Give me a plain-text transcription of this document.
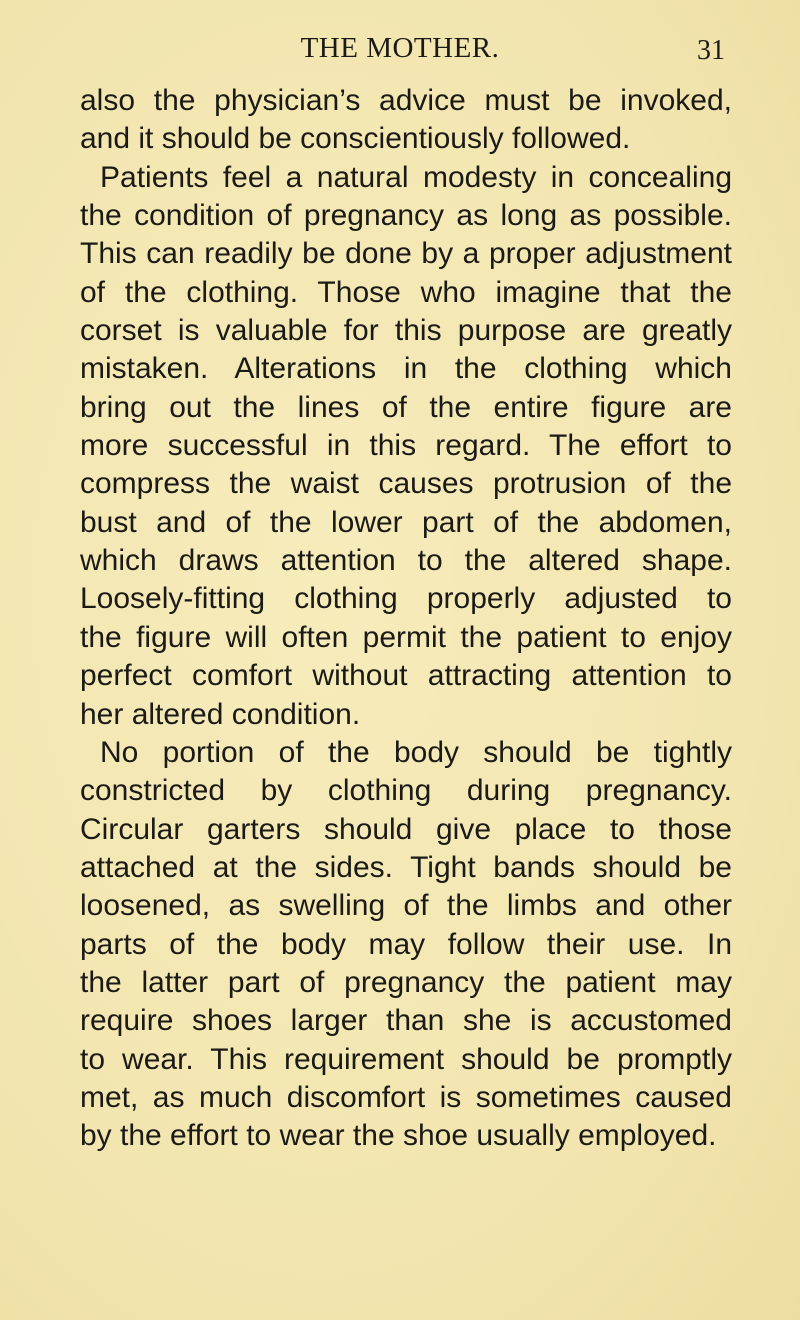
THE MOTHER.	31
also the physician’s advice must be invoked,
and it should be conscientiously followed.
Patients feel a natural modesty in concealing
the condition of pregnancy as long as possible.
This can readily be done by a proper adjustment
of the clothing. Those who imagine that the
corset is valuable for this purpose are greatly
mistaken. Alterations in the clothing which
bring out the lines of the entire figure are
more successful in this regard. The effort to
compress the waist causes protrusion of the
bust and of the lower part of the abdomen,
which draws attention to the altered shape.
Loosely-fitting clothing properly adjusted to
the figure will often permit the patient to enjoy
perfect comfort without attracting attention to
her altered condition.
No portion of the body should be tightly
constricted by clothing during pregnancy.
Circular garters should give place to those
attached at the sides. Tight bands should be
loosened, as swelling of the limbs and other
parts of the body may follow their use. In
the latter part of pregnancy the patient may
require shoes larger than she is accustomed
to wear. This requirement should be promptly
met, as much discomfort is sometimes caused
by the effort to wear the shoe usually employed.
